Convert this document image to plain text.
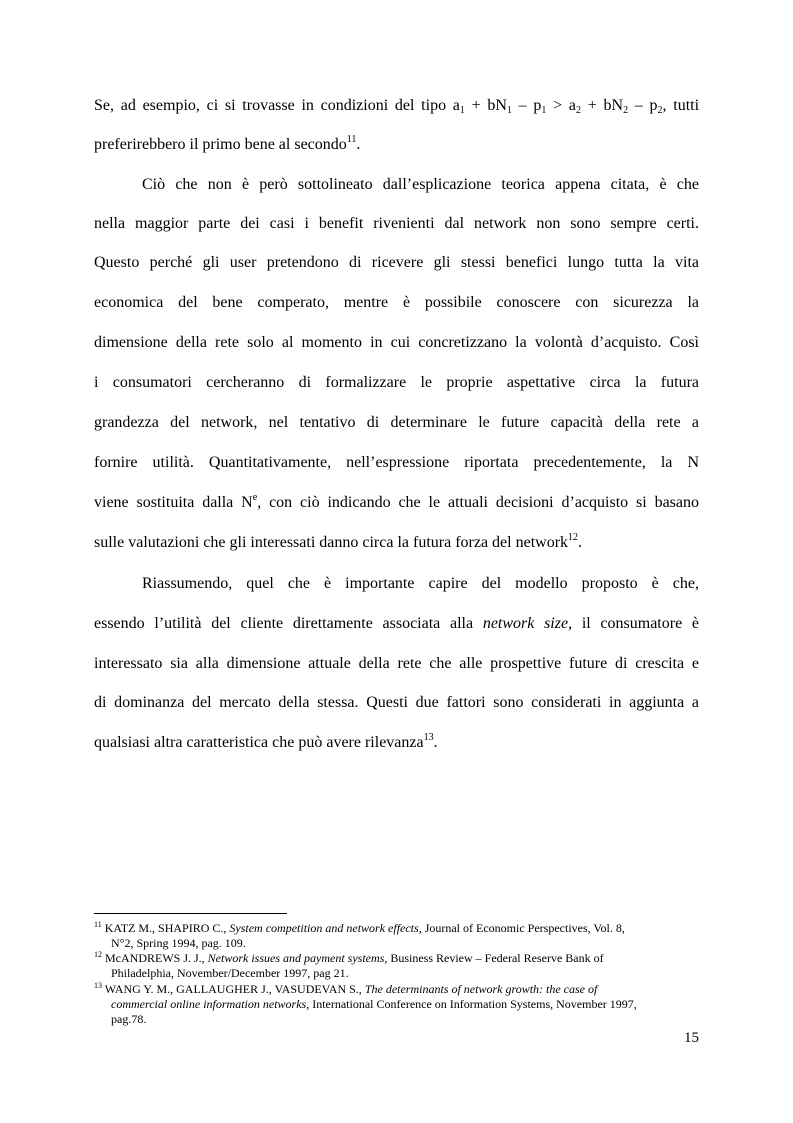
Se, ad esempio, ci si trovasse in condizioni del tipo $a_1 + bN_1 - p_1 > a_2 + bN_2 - p_2$, tutti
preferirebbero il primo bene al secondo$^{11}$.
Ciò che non è però sottolineato dall’esplicazione teorica appena citata, è che
nella maggior parte dei casi i benefit rivenienti dal network non sono sempre certi.
Questo perché gli user pretendono di ricevere gli stessi benefici lungo tutta la vita
economica del bene comperato, mentre è possibile conoscere con sicurezza la
dimensione della rete solo al momento in cui concretizzano la volontà d’acquisto. Così
i consumatori cercheranno di formalizzare le proprie aspettative circa la futura
grandezza del network, nel tentativo di determinare le future capacità della rete a
fornire utilità. Quantitativamente, nell’espressione riportata precedentemente, la N
viene sostituita dalla $N^e$, con ciò indicando che le attuali decisioni d’acquisto si basano
sulle valutazioni che gli interessati danno circa la futura forza del network$^{12}$.
Riassumendo, quel che è importante capire del modello proposto è che,
essendo l’utilità del cliente direttamente associata alla network size, il consumatore è
interessato sia alla dimensione attuale della rete che alle prospettive future di crescita e
di dominanza del mercato della stessa. Questi due fattori sono considerati in aggiunta a
qualsiasi altra caratteristica che può avere rilevanza$^{13}$.
$^{11}$ KATZ M., SHAPIRO C., System competition and network effects, Journal of Economic Perspectives, Vol. 8,
N°2, Spring 1994, pag. 109.
$^{12}$ McANDREWS J. J., Network issues and payment systems, Business Review – Federal Reserve Bank of
Philadelphia, November/December 1997, pag 21.
$^{13}$ WANG Y. M., GALLAUGHER J., VASUDEVAN S., The determinants of network growth: the case of
commercial online information networks, International Conference on Information Systems, November 1997,
pag.78.
15
